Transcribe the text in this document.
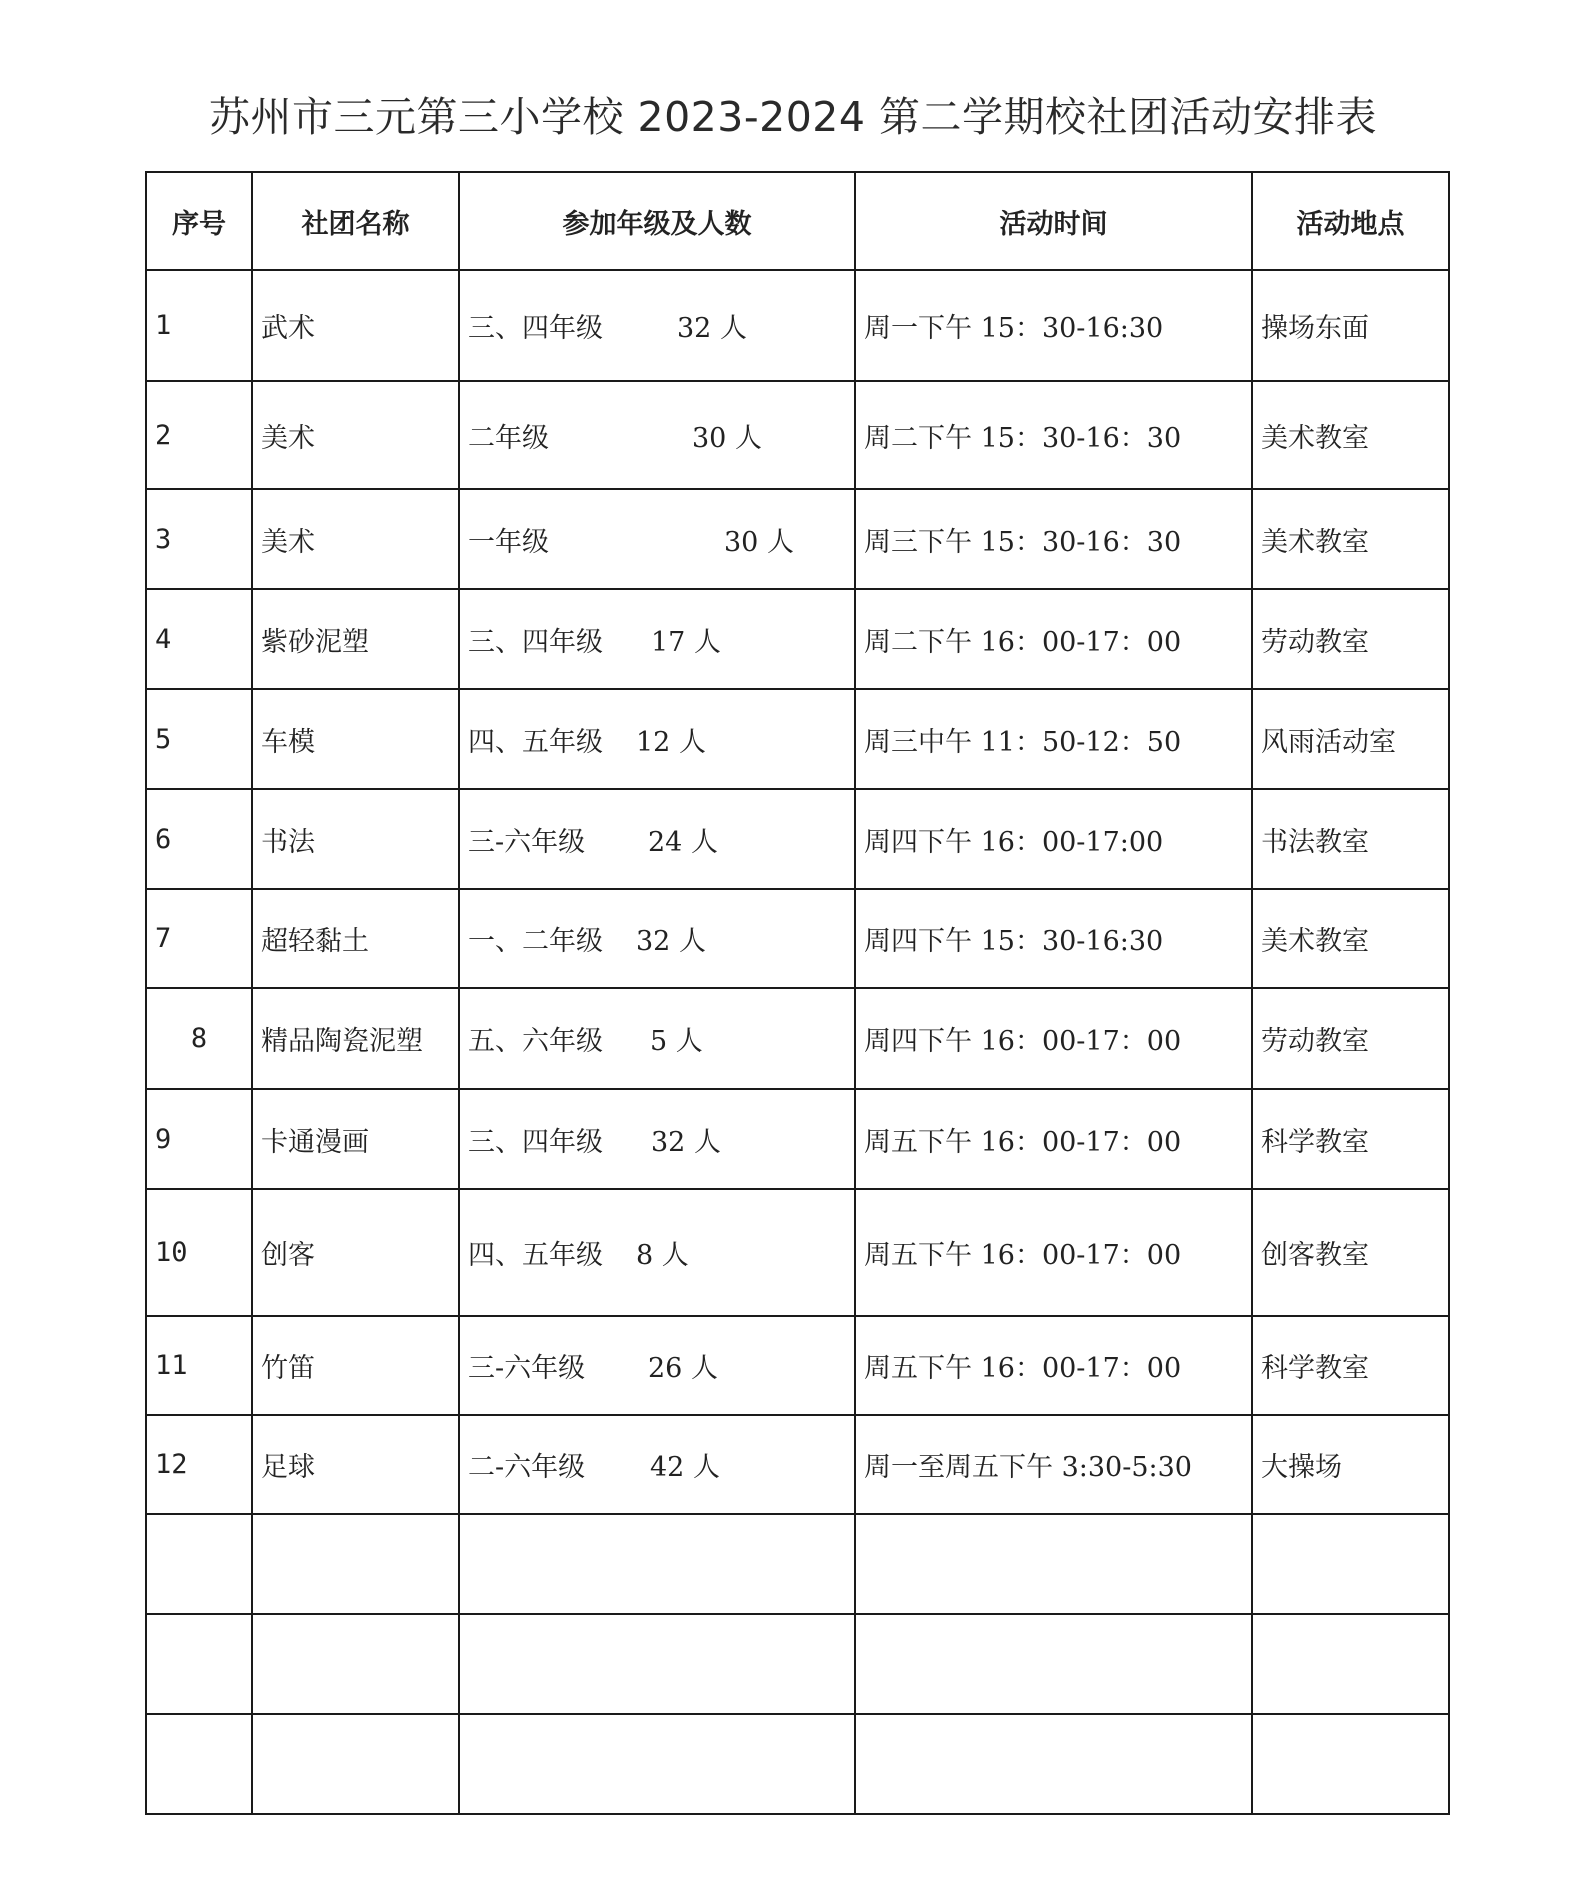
苏州市三元第三小学校 2023-2024 第二学期校社团活动安排表
序号	社团名称	参加年级及人数	活动时间	活动地点
1	武术	三、四年级 32 人	周一下午 15：30-16:30	操场东面
2	美术	二年级 30 人	周二下午 15：30-16：30	美术教室
3	美术	一年级 30 人	周三下午 15：30-16：30	美术教室
4	紫砂泥塑	三、四年级 17 人	周二下午 16：00-17：00	劳动教室
5	车模	四、五年级 12 人	周三中午 11：50-12：50	风雨活动室
6	书法	三-六年级 24 人	周四下午 16：00-17:00	书法教室
7	超轻黏土	一、二年级 32 人	周四下午 15：30-16:30	美术教室
8	精品陶瓷泥塑	五、六年级 5 人	周四下午 16：00-17：00	劳动教室
9	卡通漫画	三、四年级 32 人	周五下午 16：00-17：00	科学教室
10	创客	四、五年级 8 人	周五下午 16：00-17：00	创客教室
11	竹笛	三-六年级 26 人	周五下午 16：00-17：00	科学教室
12	足球	二-六年级 42 人	周一至周五下午 3:30-5:30	大操场
